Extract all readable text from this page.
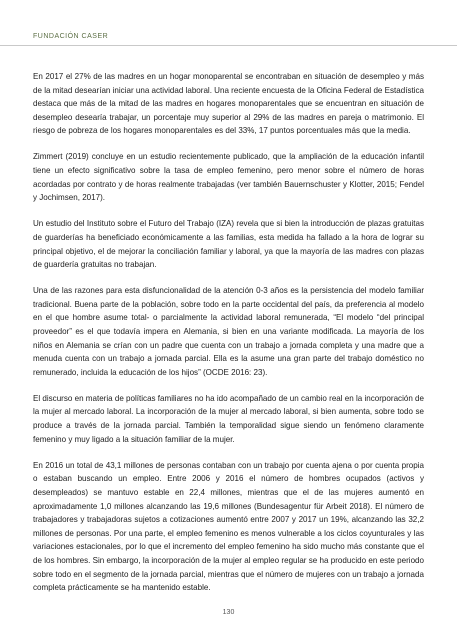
FUNDACIÓN CASER

En 2017 el 27% de las madres en un hogar monoparental se encontraban en situación de desempleo y más de la mitad desearían iniciar una actividad laboral. Una reciente encuesta de la Oficina Federal de Estadística destaca que más de la mitad de las madres en hogares monoparentales que se encuentran en situación de desempleo desearía trabajar, un porcentaje muy superior al 29% de las madres en pareja o matrimonio. El riesgo de pobreza de los hogares monoparentales es del 33%, 17 puntos porcentuales más que la media.

Zimmert (2019) concluye en un estudio recientemente publicado, que la ampliación de la educación infantil tiene un efecto significativo sobre la tasa de empleo femenino, pero menor sobre el número de horas acordadas por contrato y de horas realmente trabajadas (ver también Bauernschuster y Klotter, 2015; Fendel y Jochimsen, 2017).

Un estudio del Instituto sobre el Futuro del Trabajo (IZA) revela que si bien la introducción de plazas gratuitas de guarderías ha beneficiado económicamente a las familias, esta medida ha fallado a la hora de lograr su principal objetivo, el de mejorar la conciliación familiar y laboral, ya que la mayoría de las madres con plazas de guardería gratuitas no trabajan.

Una de las razones para esta disfuncionalidad de la atención 0-3 años es la persistencia del modelo familiar tradicional. Buena parte de la población, sobre todo en la parte occidental del país, da preferencia al modelo en el que hombre asume total- o parcialmente la actividad laboral remunerada, “El modelo “del principal proveedor” es el que todavía impera en Alemania, si bien en una variante modificada. La mayoría de los niños en Alemania se crían con un padre que cuenta con un trabajo a jornada completa y una madre que a menuda cuenta con un trabajo a jornada parcial. Ella es la asume una gran parte del trabajo doméstico no remunerado, incluida la educación de los hijos” (OCDE 2016: 23).

El discurso en materia de políticas familiares no ha ido acompañado de un cambio real en la incorporación de la mujer al mercado laboral. La incorporación de la mujer al mercado laboral, si bien aumenta, sobre todo se produce a través de la jornada parcial. También la temporalidad sigue siendo un fenómeno claramente femenino y muy ligado a la situación familiar de la mujer.

En 2016 un total de 43,1 millones de personas contaban con un trabajo por cuenta ajena o por cuenta propia o estaban buscando un empleo. Entre 2006 y 2016 el número de hombres ocupados (activos y desempleados) se mantuvo estable en 22,4 millones, mientras que el de las mujeres aumentó en aproximadamente 1,0 millones alcanzando las 19,6 millones (Bundesagentur für Arbeit 2018). El número de trabajadores y trabajadoras sujetos a cotizaciones aumentó entre 2007 y 2017 un 19%, alcanzando las 32,2 millones de personas. Por una parte, el empleo femenino es menos vulnerable a los ciclos coyunturales y las variaciones estacionales, por lo que el incremento del empleo femenino ha sido mucho más constante que el de los hombres. Sin embargo, la incorporación de la mujer al empleo regular se ha producido en este periodo sobre todo en el segmento de la jornada parcial, mientras que el número de mujeres con un trabajo a jornada completa prácticamente se ha mantenido estable.

130
